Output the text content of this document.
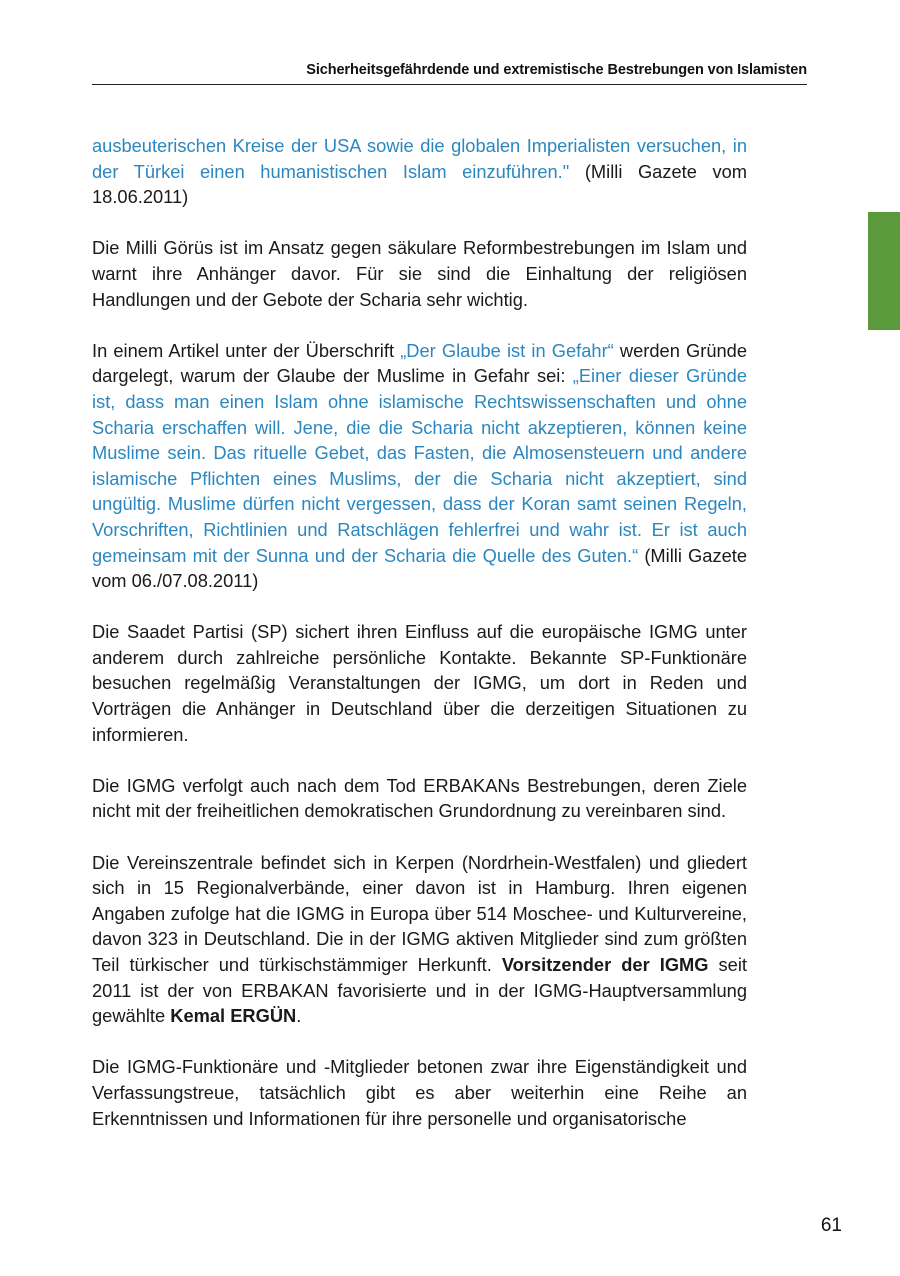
Sicherheitsgefährdende und extremistische Bestrebungen von Islamisten

ausbeuterischen Kreise der USA sowie die globalen Imperialisten versuchen, in der Türkei einen humanistischen Islam einzuführen." (Milli Gazete vom 18.06.2011)

Die Milli Görüs ist im Ansatz gegen säkulare Reformbestrebungen im Islam und warnt ihre Anhänger davor. Für sie sind die Einhaltung der religiösen Handlungen und der Gebote der Scharia sehr wichtig.

In einem Artikel unter der Überschrift „Der Glaube ist in Gefahr“ werden Gründe dargelegt, warum der Glaube der Muslime in Gefahr sei: „Einer dieser Gründe ist, dass man einen Islam ohne islamische Rechtswissenschaften und ohne Scharia erschaffen will. Jene, die die Scharia nicht akzeptieren, können keine Muslime sein. Das rituelle Gebet, das Fasten, die Almosensteuern und andere islamische Pflichten eines Muslims, der die Scharia nicht akzeptiert, sind ungültig. Muslime dürfen nicht vergessen, dass der Koran samt seinen Regeln, Vorschriften, Richtlinien und Ratschlägen fehlerfrei und wahr ist. Er ist auch gemeinsam mit der Sunna und der Scharia die Quelle des Guten.“ (Milli Gazete vom 06./07.08.2011)

Die Saadet Partisi (SP) sichert ihren Einfluss auf die europäische IGMG unter anderem durch zahlreiche persönliche Kontakte. Bekannte SP-Funktionäre besuchen regelmäßig Veranstaltungen der IGMG, um dort in Reden und Vorträgen die Anhänger in Deutschland über die derzeitigen Situationen zu informieren.

Die IGMG verfolgt auch nach dem Tod ERBAKANs Bestrebungen, deren Ziele nicht mit der freiheitlichen demokratischen Grundordnung zu vereinbaren sind.

Die Vereinszentrale befindet sich in Kerpen (Nordrhein-Westfalen) und gliedert sich in 15 Regionalverbände, einer davon ist in Hamburg. Ihren eigenen Angaben zufolge hat die IGMG in Europa über 514 Moschee- und Kulturvereine, davon 323 in Deutschland. Die in der IGMG aktiven Mitglieder sind zum größten Teil türkischer und türkischstämmiger Herkunft. Vorsitzender der IGMG seit 2011 ist der von ERBAKAN favorisierte und in der IGMG-Hauptversammlung gewählte Kemal ERGÜN.

Die IGMG-Funktionäre und -Mitglieder betonen zwar ihre Eigenständigkeit und Verfassungstreue, tatsächlich gibt es aber weiterhin eine Reihe an Erkenntnissen und Informationen für ihre personelle und organisatorische

61
